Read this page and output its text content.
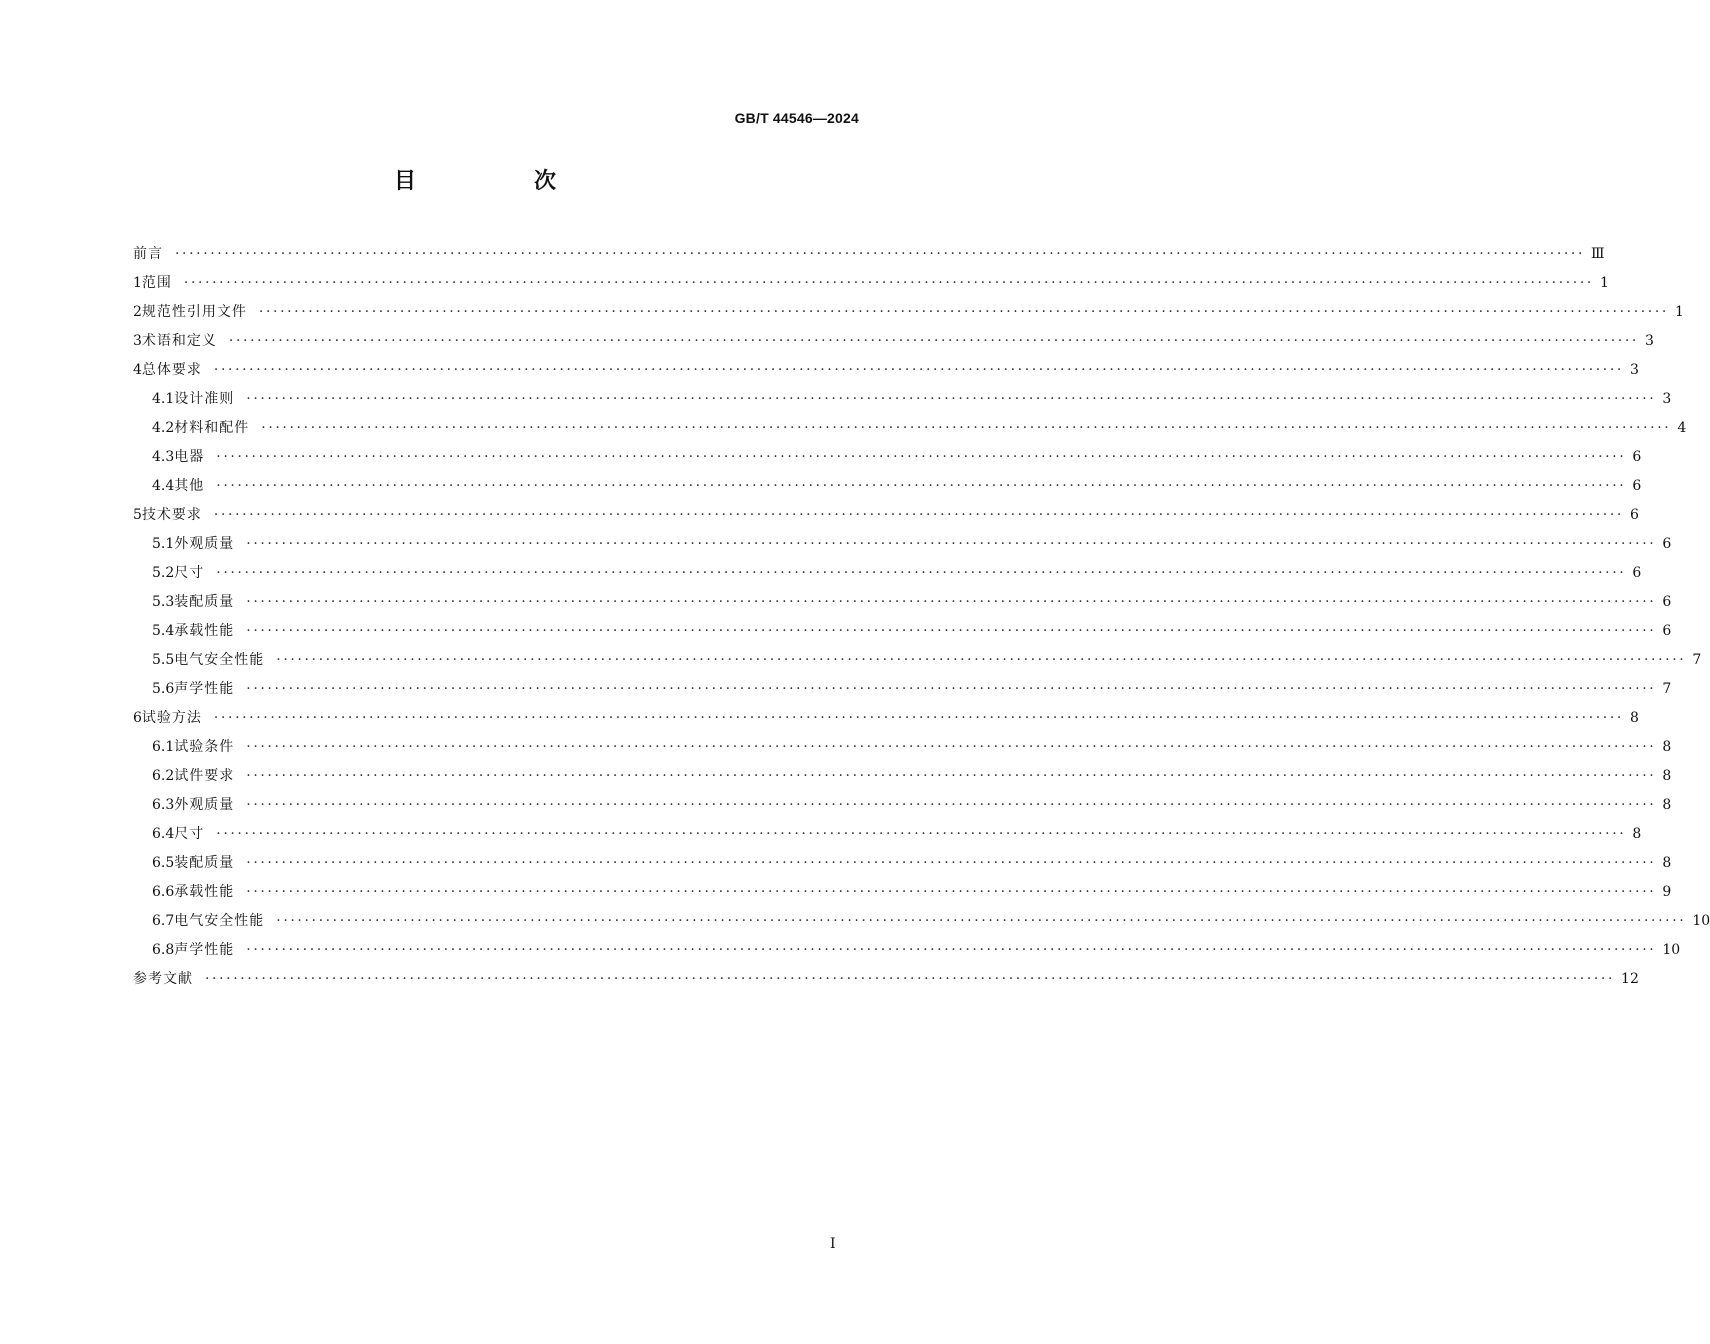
GB/T 44546—2024
目　次
前言 ········································································································································································································ Ⅲ
1 范围 ········································································································································································································ 1
2 规范性引用文件 ········································································································································································································ 1
3 术语和定义 ········································································································································································································ 3
4 总体要求 ········································································································································································································ 3
4.1 设计准则 ········································································································································································································ 3
4.2 材料和配件 ········································································································································································································ 4
4.3 电器 ········································································································································································································ 6
4.4 其他 ········································································································································································································ 6
5 技术要求 ········································································································································································································ 6
5.1 外观质量 ········································································································································································································ 6
5.2 尺寸 ········································································································································································································ 6
5.3 装配质量 ········································································································································································································ 6
5.4 承载性能 ········································································································································································································ 6
5.5 电气安全性能 ········································································································································································································ 7
5.6 声学性能 ········································································································································································································ 7
6 试验方法 ········································································································································································································ 8
6.1 试验条件 ········································································································································································································ 8
6.2 试件要求 ········································································································································································································ 8
6.3 外观质量 ········································································································································································································ 8
6.4 尺寸 ········································································································································································································ 8
6.5 装配质量 ········································································································································································································ 8
6.6 承载性能 ········································································································································································································ 9
6.7 电气安全性能 ········································································································································································································ 10
6.8 声学性能 ········································································································································································································ 10
参考文献 ········································································································································································································ 12
Ⅰ
